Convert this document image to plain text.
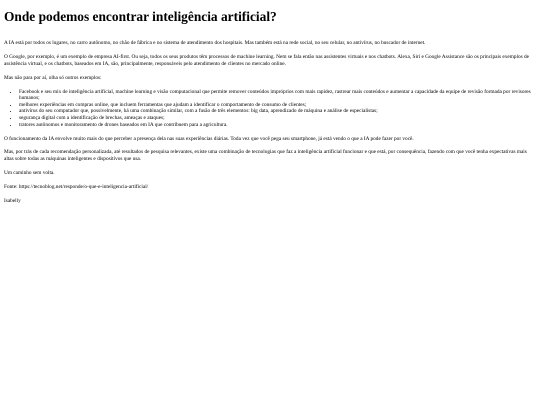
Onde podemos encontrar inteligência artificial?

A IA está por todos os lugares, no carro autônomo, no chão de fábrica e no sistema de atendimento dos hospitais. Mas também está na rede social, no seu celular, no antivírus, no buscador de internet.

O Google, por exemplo, é um exemplo de empresa AI-first. Ou seja, todos os seus produtos têm processos de machine learning. Nem se fala então nas assistentes virtuais e nos chatbots. Alexa, Siri e Google Assistance são os principais exemplos de assistência virtual, e os chatbots, baseados em IA, são, principalmente, responsáveis pelo atendimento de clientes no mercado online.

Mas não para por aí, olha só outros exemplos:

• Facebook e seu mix de inteligência artificial, machine learning e visão computacional que permite remover conteúdos impróprios com mais rapidez, rastrear mais conteúdos e aumentar a capacidade da equipe de revisão formada por revisores humanos;
• melhores experiências em compras online, que incluem ferramentas que ajudam a identificar o comportamento de consumo de clientes;
• antivírus do seu computador que, possivelmente, há uma combinação similar, com a fusão de três elementos: big data, aprendizado de máquina e análise de especialistas;
• segurança digital com a identificação de brechas, ameaças e ataques;
• tratores autônomos e monitoramento de drones baseados em IA que contribuem para a agricultura.

O funcionamento da IA envolve muito mais do que perceber a presença dela nas suas experiências diárias. Toda vez que você pega seu smartphone, já está vendo o que a IA pode fazer por você.

Mas, por trás de cada recomendação personalizada, até resultados de pesquisa relevantes, existe uma combinação de tecnologias que faz a inteligência artificial funcionar e que está, por consequência, fazendo com que você tenha expectativas mais altas sobre todas as máquinas inteligentes e dispositivos que usa.

Um caminho sem volta.

Fonte: https://tecnoblog.net/responde/o-que-e-inteligencia-artificial/

Isabelly
